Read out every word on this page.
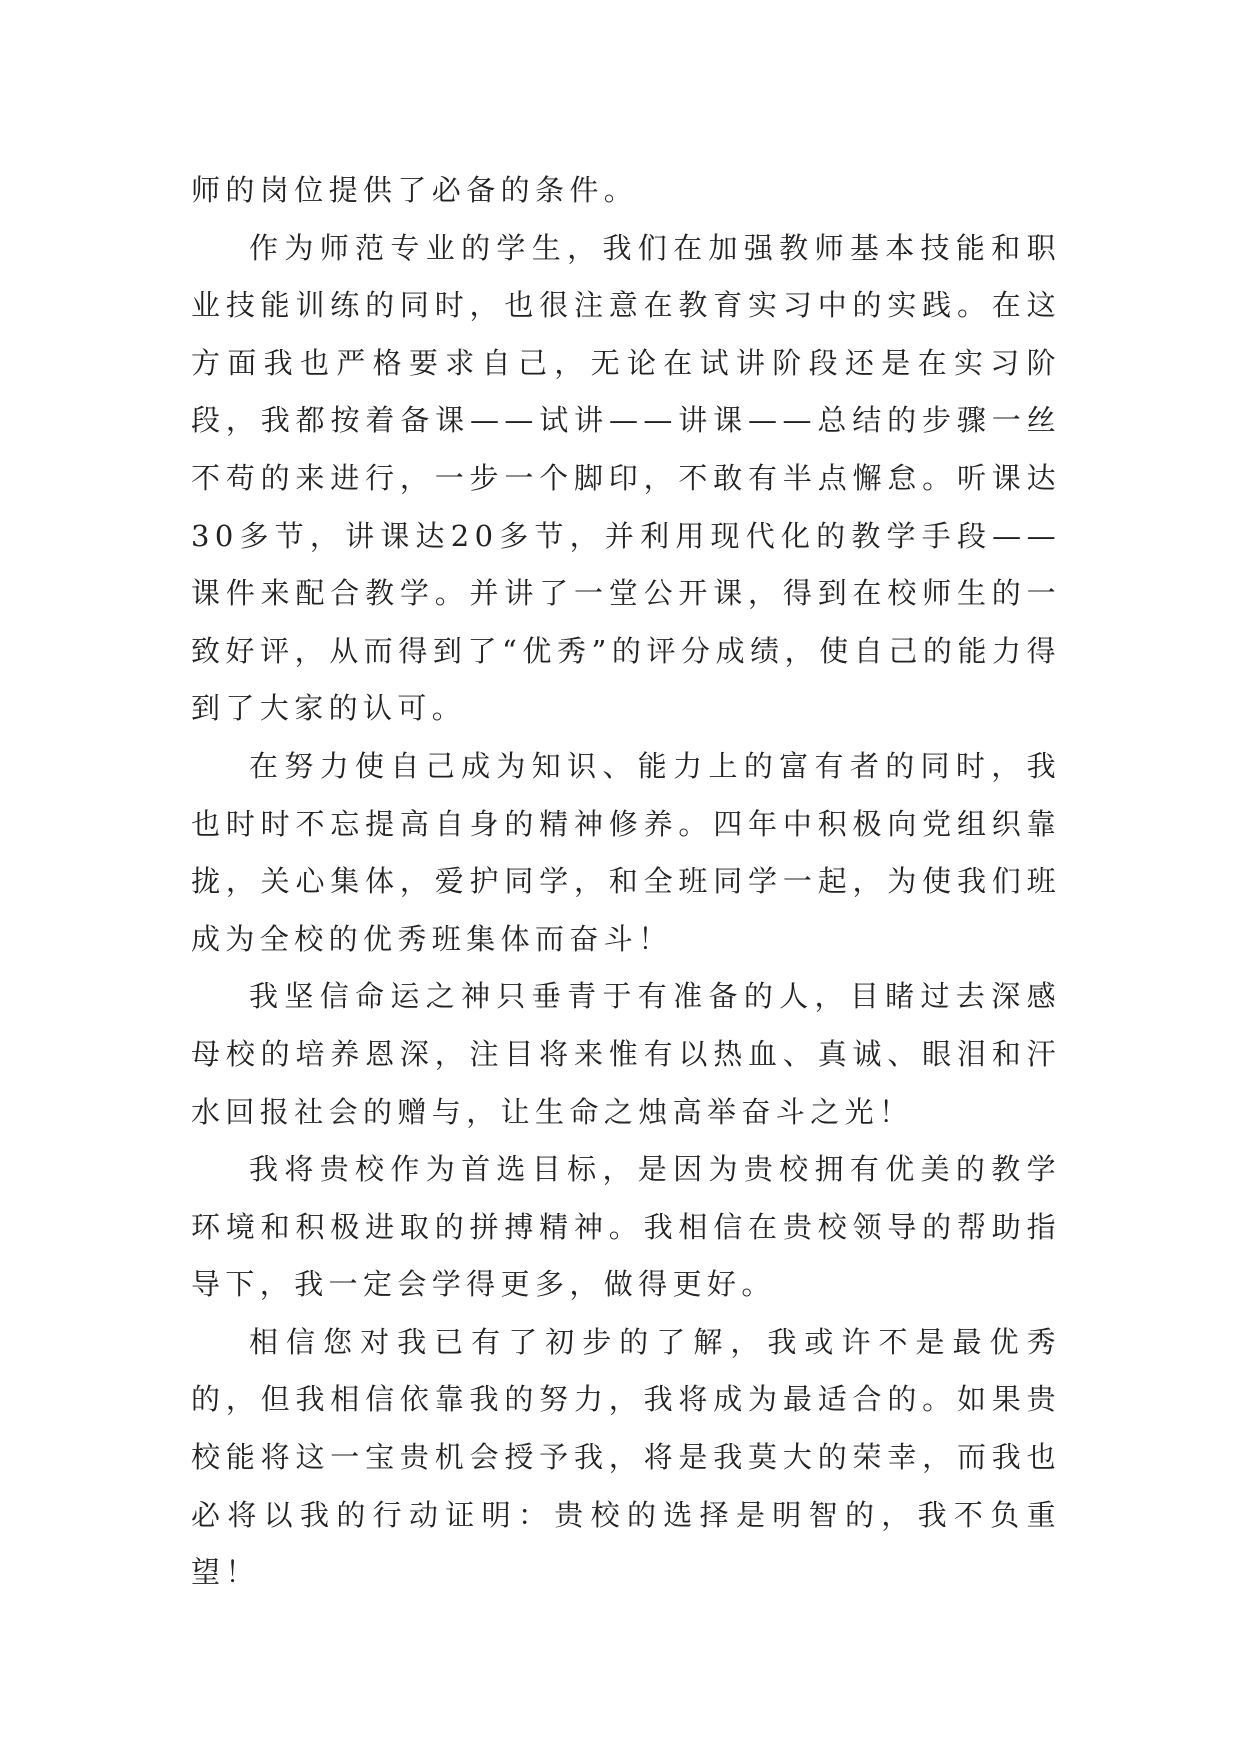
师的岗位提供了必备的条件。

作为师范专业的学生，我们在加强教师基本技能和职业技能训练的同时，也很注意在教育实习中的实践。在这方面我也严格要求自己，无论在试讲阶段还是在实习阶段，我都按着备课——试讲——讲课——总结的步骤一丝不苟的来进行，一步一个脚印，不敢有半点懈怠。听课达30多节，讲课达20多节，并利用现代化的教学手段——课件来配合教学。并讲了一堂公开课，得到在校师生的一致好评，从而得到了“优秀”的评分成绩，使自己的能力得到了大家的认可。

在努力使自己成为知识、能力上的富有者的同时，我也时时不忘提高自身的精神修养。四年中积极向党组织靠拢，关心集体，爱护同学，和全班同学一起，为使我们班成为全校的优秀班集体而奋斗！

我坚信命运之神只垂青于有准备的人，目睹过去深感母校的培养恩深，注目将来惟有以热血、真诚、眼泪和汗水回报社会的赠与，让生命之烛高举奋斗之光！

我将贵校作为首选目标，是因为贵校拥有优美的教学环境和积极进取的拼搏精神。我相信在贵校领导的帮助指导下，我一定会学得更多，做得更好。

相信您对我已有了初步的了解，我或许不是最优秀的，但我相信依靠我的努力，我将成为最适合的。如果贵校能将这一宝贵机会授予我，将是我莫大的荣幸，而我也必将以我的行动证明：贵校的选择是明智的，我不负重望！
